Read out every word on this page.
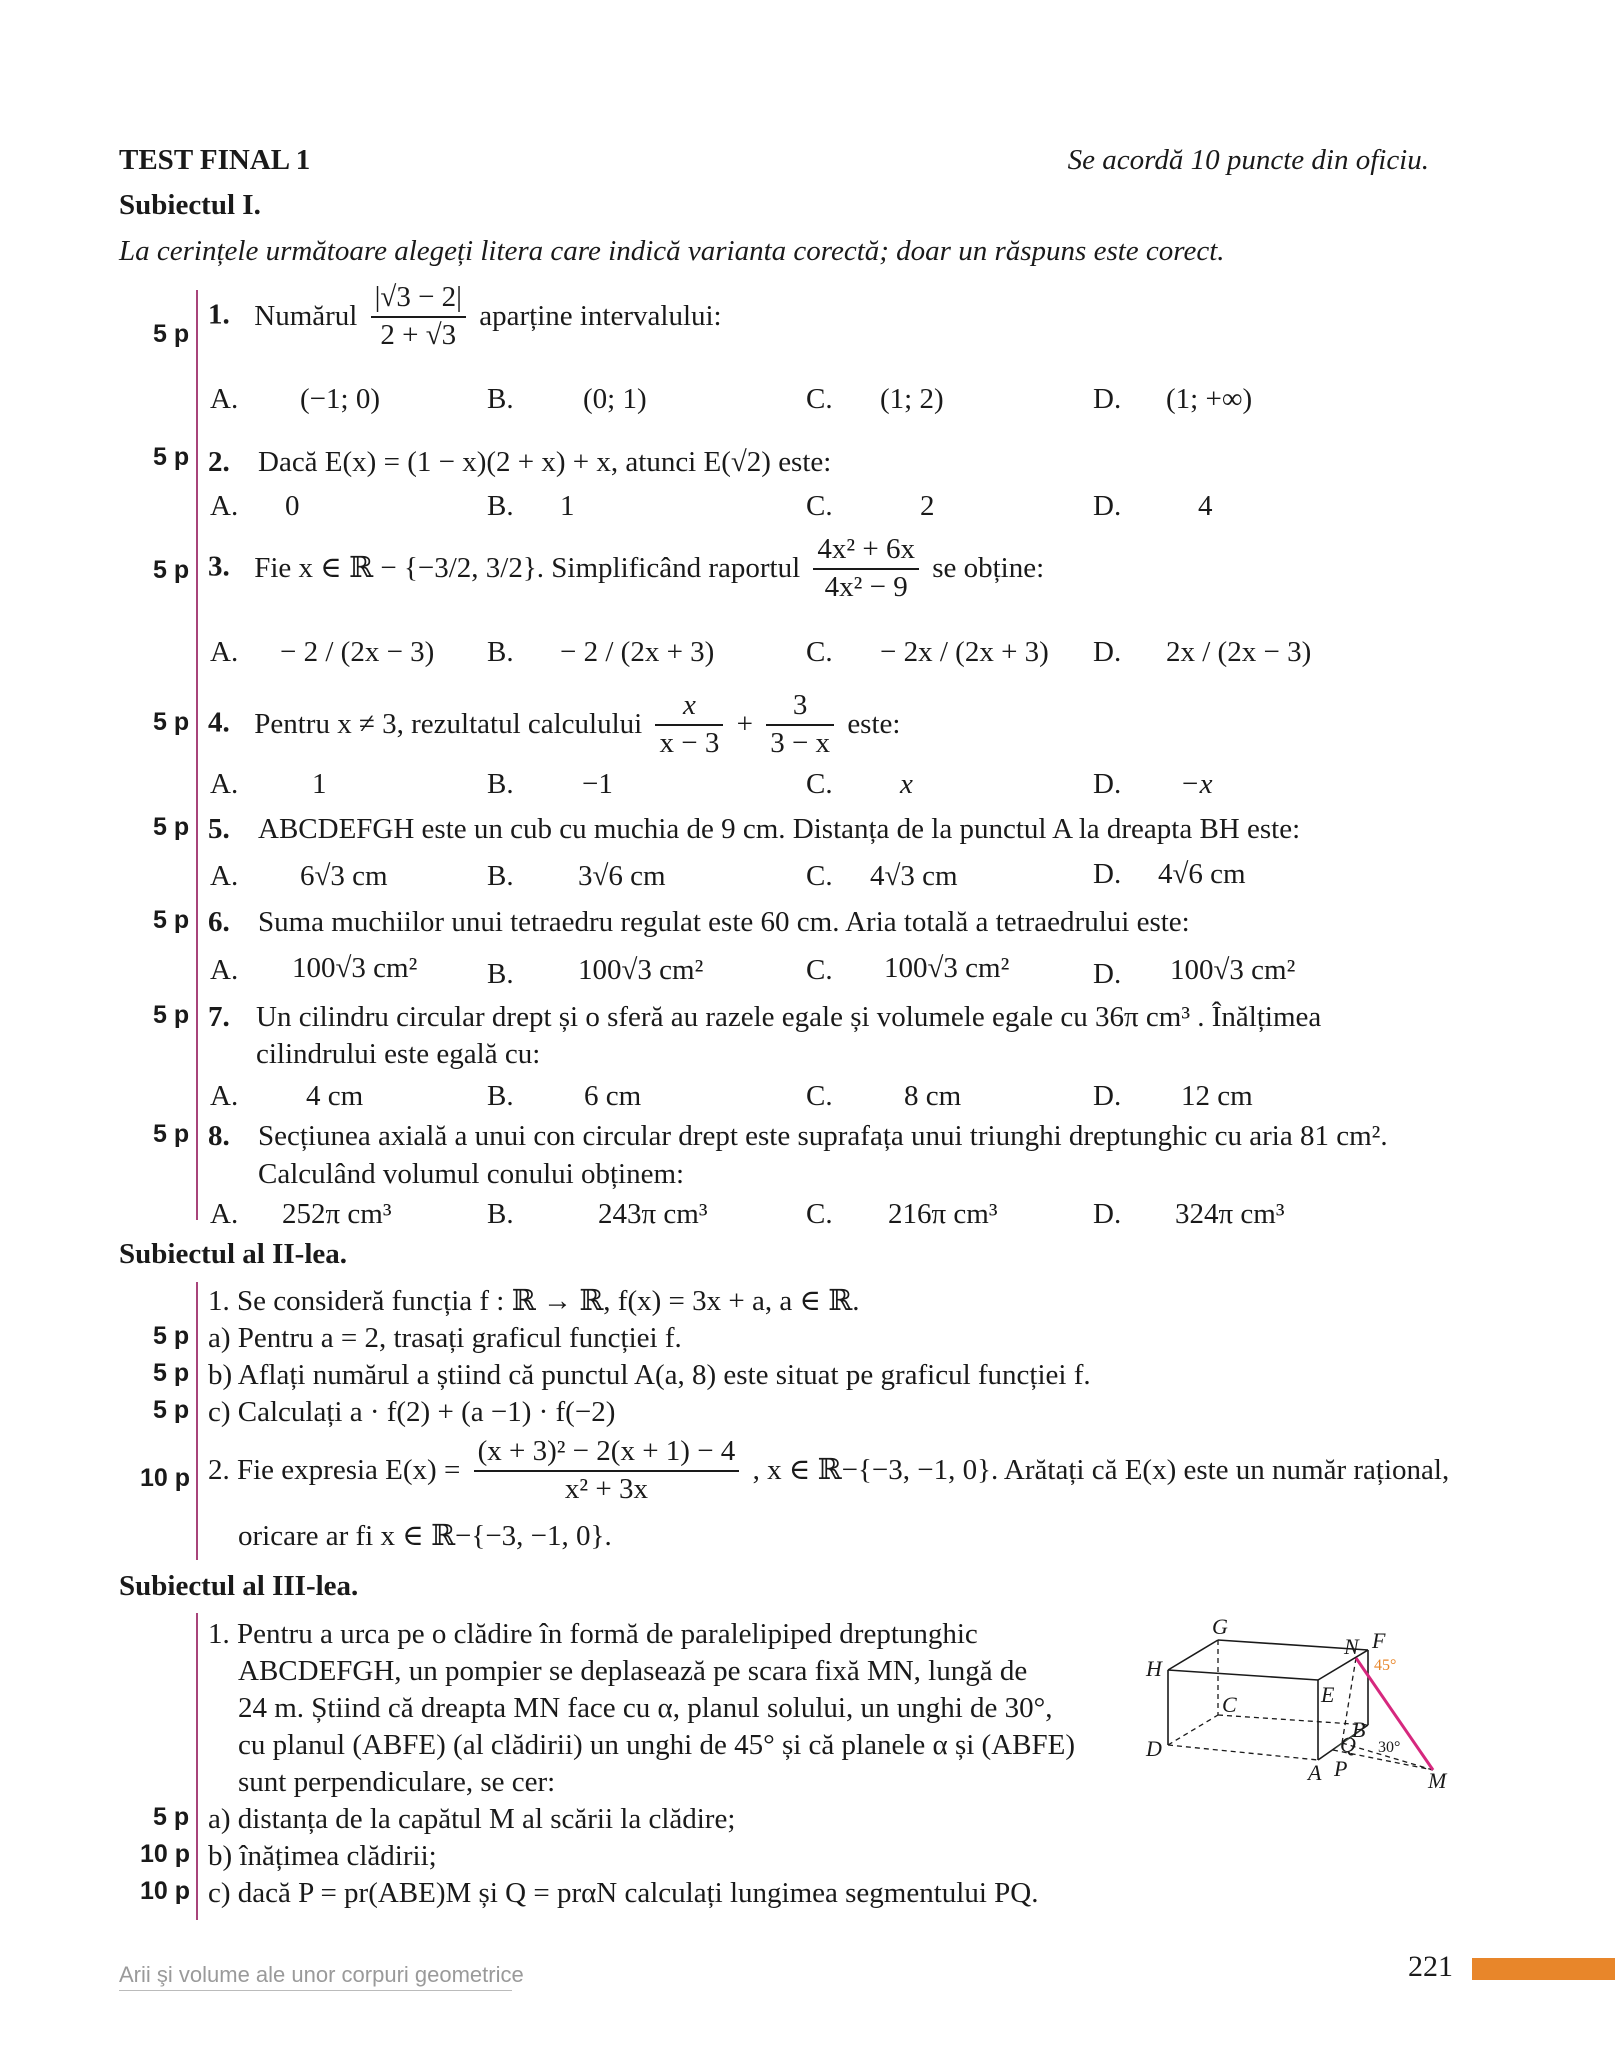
TEST FINAL 1	Se acordă 10 puncte din oficiu.
Subiectul I.
La cerințele următoare alegeți litera care indică varianta corectă; doar un răspuns este corect.
5 p
1. Numărul $\frac{|√3 - 2|}{2 + √3}$ aparține intervalului:
A. (−1; 0)	B. (0; 1)	C. (1; 2)	D. (1; +∞)
5 p 2. Dacă E(x) = (1 − x)(2 + x) + x, atunci E(√2) este:
A. 0	B. 1	C.	2	D.	4
5 p 3. Fie x ∈ ℝ − {−3/2, 3/2}. Simplificând raportul $\frac{\text{4x² + 6x}}{\text{4x² − 9}}$ se obține:
A. − 2 / (2x − 3) B. − 2 / (2x + 3)	C. − 2x / (2x + 3) D. 2x / (2x − 3)
5 p 4. Pentru x ≠ 3, rezultatul calculului $\frac{x}{x - 3} + \frac{3}{3 - x}$ este:
A.	1	B. −1	C. x	D. −x
5 p 5. ABCDEFGH este un cub cu muchia de 9 cm. Distanța de la punctul A la dreapta BH este:
A. 6√3 cm	B. 3√6 cm	C. 4√3 cm	D. 4√6 cm
5 p 6. Suma muchiilor unui tetraedru regulat este 60 cm. Aria totală a tetraedrului este:
A. 100√3 cm² B. 100√3 cm²	C. 100√3 cm²	D. 100√3 cm²
5 p 7. Un cilindru circular drept și o sferă au razele egale și volumele egale cu 36π cm³ . Înălțimea
cilindrului este egală cu:
A. 4 cm	B. 6 cm	C. 8 cm	D. 12 cm
5 p 8. Secțiunea axială a unui con circular drept este suprafața unui triunghi dreptunghic cu aria 81 cm².
Calculând volumul conului obținem:
A. 252π cm³	B.	243π cm³	C. 216π cm³	D. 324π cm³
Subiectul al II-lea.
1. Se consideră funcția f : ℝ → ℝ, f(x) = 3x + a, a ∈ ℝ.
5 p a) Pentru a = 2, trasați graficul funcției f.
5 p b) Aflați numărul a știind că punctul A(a, 8) este situat pe graficul funcției f.
5 p c) Calculați a · f(2) + (a −1) · f(−2)
10 p 2. Fie expresia $E(x) = \frac{\text{(x + 3)² − 2(x + 1) − 4}}{\text{x² + 3x}}$ , x ∈ ℝ−{−3, −1, 0}. Arătați că E(x) este un număr rațional,
oricare ar fi x ∈ ℝ−{−3, −1, 0}.
Subiectul al III-lea.
1. Pentru a urca pe o clădire în formă de paralelipiped dreptunghic
ABCDEFGH, un pompier se deplasează pe scara fixă MN, lungă de
24 m. Știind că dreapta MN face cu α, planul solului, un unghi de 30°,
cu planul (ABFE) (al clădirii) un unghi de 45° și că planele α și (ABFE)
sunt perpendiculare, se cer:
5 p a) distanța de la capătul M al scării la clădire;
10 p b) înățimea clădirii;
10 p c) dacă P = pr(ABE)M și Q = prαN calculați lungimea segmentului PQ.
G
H
N F
45°
E
C
B
Q 30°
D
A P	M
Arii şi volume ale unor corpuri geometrice	221
